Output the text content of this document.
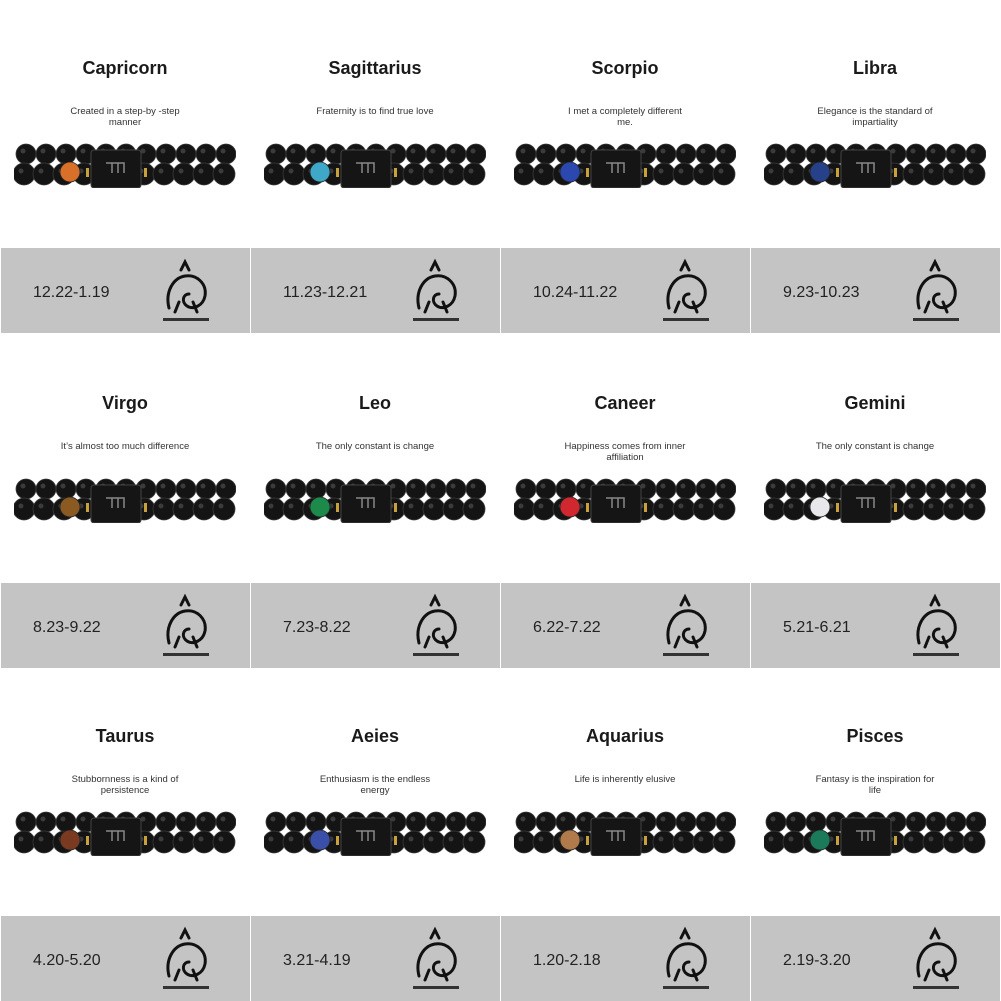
Capricorn
Created in a step-by -step manner
12.22-1.19
Sagittarius
Fraternity is to find true love
11.23-12.21
Scorpio
I met a completely different me.
10.24-11.22
Libra
Elegance is the standard of impartiality
9.23-10.23
Virgo
It’s almost too much difference
8.23-9.22
Leo
The only constant is change
7.23-8.22
Caneer
Happiness comes from inner affiliation
6.22-7.22
Gemini
The only constant is change
5.21-6.21
Taurus
Stubbornness is a kind of persistence
4.20-5.20
Aeies
Enthusiasm is the endless energy
3.21-4.19
Aquarius
Life is inherently elusive
1.20-2.18
Pisces
Fantasy is the inspiration for life
2.19-3.20
